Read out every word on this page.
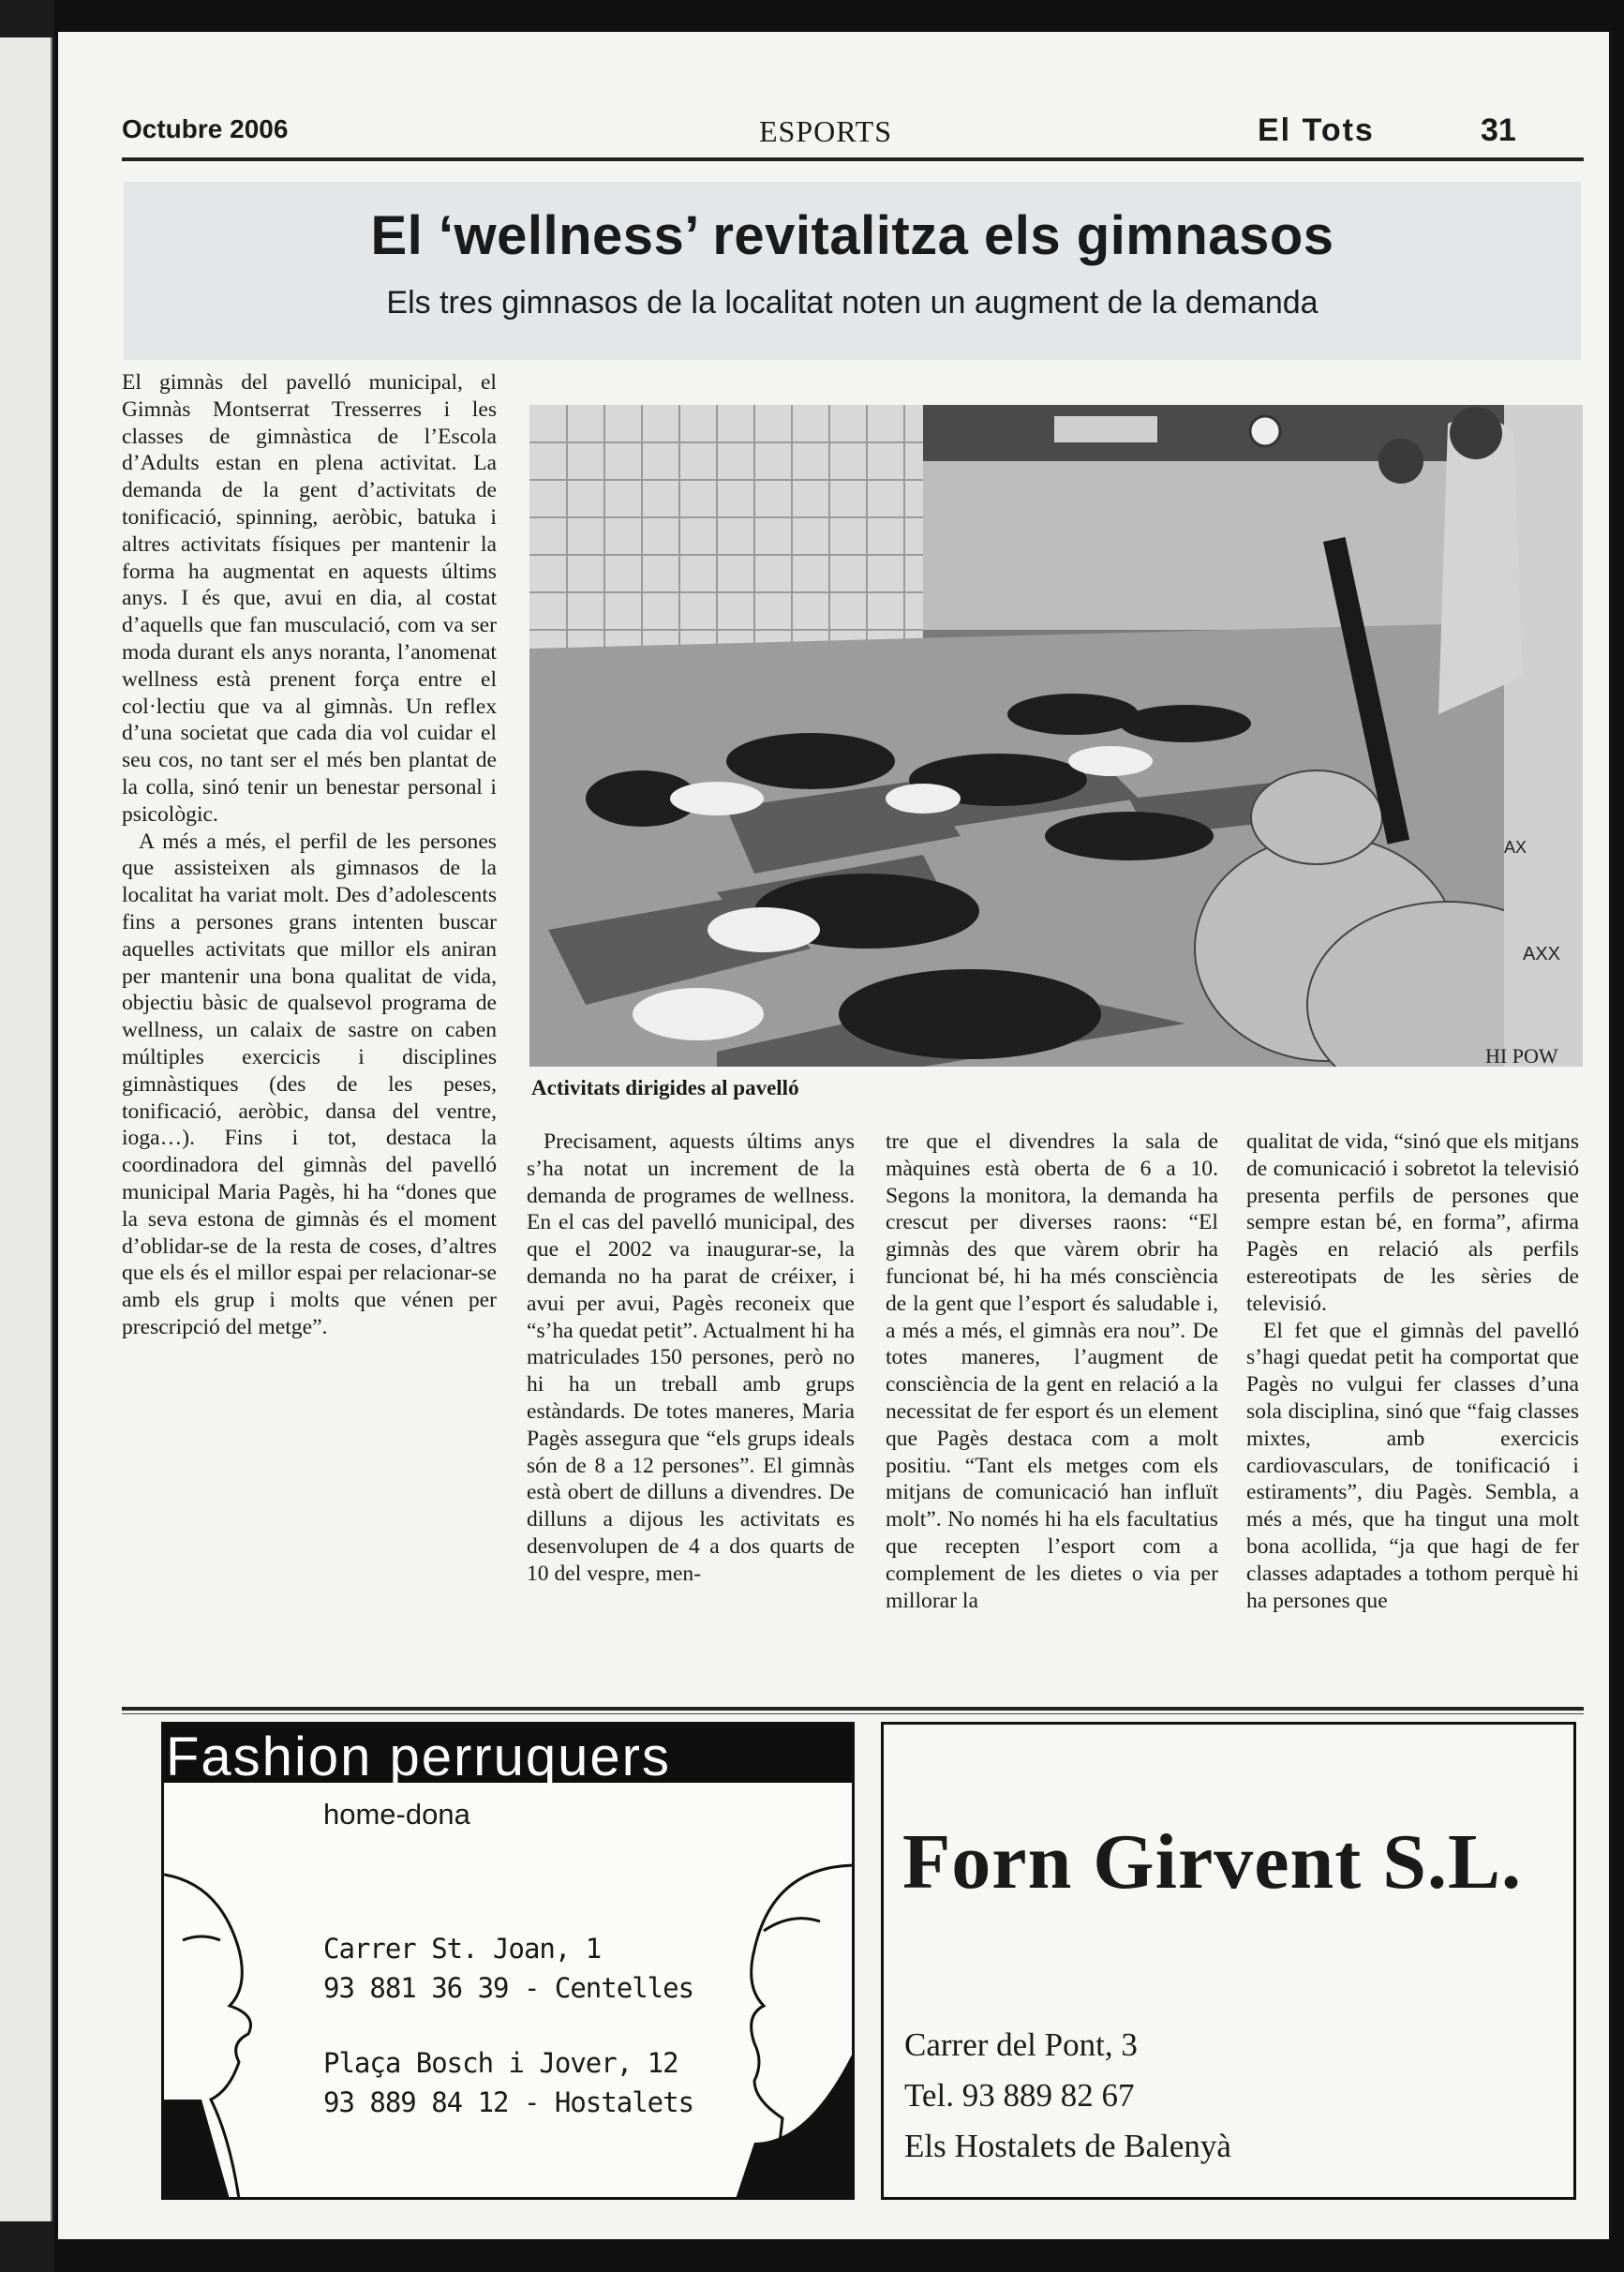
Octubre 2006	ESPORTS	El Tots	31
El ‘wellness’ revitalitza els gimnasos
Els tres gimnasos de la localitat noten un augment de la demanda

El gimnàs del pavelló municipal, el Gimnàs Montserrat Tresserres i les classes de gimnàstica de l’Escola d’Adults estan en plena activitat. La demanda de la gent d’activitats de tonificació, spinning, aeròbic, batuka i altres activitats físiques per mantenir la forma ha augmentat en aquests últims anys. I és que, avui en dia, al costat d’aquells que fan musculació, com va ser moda durant els anys noranta, l’anomenat wellness està prenent força entre el col·lectiu que va al gimnàs. Un reflex d’una societat que cada dia vol cuidar el seu cos, no tant ser el més ben plantat de la colla, sinó tenir un benestar personal i psicològic.

A més a més, el perfil de les persones que assisteixen als gimnasos de la localitat ha variat molt. Des d’adolescents fins a persones grans intenten buscar aquelles activitats que millor els aniran per mantenir una bona qualitat de vida, objectiu bàsic de qualsevol programa de wellness, un calaix de sastre on caben múltiples exercicis i disciplines gimnàstiques (des de les peses, tonificació, aeròbic, dansa del ventre, ioga…). Fins i tot, destaca la coordinadora del gimnàs del pavelló municipal Maria Pagès, hi ha “dones que la seva estona de gimnàs és el moment d’oblidar-se de la resta de coses, d’altres que els és el millor espai per relacionar-se amb els grup i molts que vénen per prescripció del metge”.

AX
AXX
HI POW
Activitats dirigides al pavelló

Precisament, aquests últims anys s’ha notat un increment de la demanda de programes de wellness. En el cas del pavelló municipal, des que el 2002 va inaugurar-se, la demanda no ha parat de créixer, i avui per avui, Pagès reconeix que “s’ha quedat petit”. Actualment hi ha matriculades 150 persones, però no hi ha un treball amb grups estàndards. De totes maneres, Maria Pagès assegura que “els grups ideals són de 8 a 12 persones”. El gimnàs està obert de dilluns a divendres. De dilluns a dijous les activitats es desenvolupen de 4 a dos quarts de 10 del vespre, men-

tre que el divendres la sala de màquines està oberta de 6 a 10. Segons la monitora, la demanda ha crescut per diverses raons: “El gimnàs des que vàrem obrir ha funcionat bé, hi ha més consciència de la gent que l’esport és saludable i, a més a més, el gimnàs era nou”. De totes maneres, l’augment de consciència de la gent en relació a la necessitat de fer esport és un element que Pagès destaca com a molt positiu. “Tant els metges com els mitjans de comunicació han influït molt”. No només hi ha els facultatius que recepten l’esport com a complement de les dietes o via per millorar la

qualitat de vida, “sinó que els mitjans de comunicació i sobretot la televisió presenta perfils de persones que sempre estan bé, en forma”, afirma Pagès en relació als perfils estereotipats de les sèries de televisió.

El fet que el gimnàs del pavelló s’hagi quedat petit ha comportat que Pagès no vulgui fer classes d’una sola disciplina, sinó que “faig classes mixtes, amb exercicis cardiovasculars, de tonificació i estiraments”, diu Pagès. Sembla, a més a més, que ha tingut una molt bona acollida, “ja que hagi de fer classes adaptades a tothom perquè hi ha persones que

Fashion perruquers
home-dona
Carrer St. Joan, 1
93 881 36 39 - Centelles
Plaça Bosch i Jover, 12
93 889 84 12 - Hostalets
Forn Girvent S.L.
Carrer del Pont, 3
Tel. 93 889 82 67
Els Hostalets de Balenyà
